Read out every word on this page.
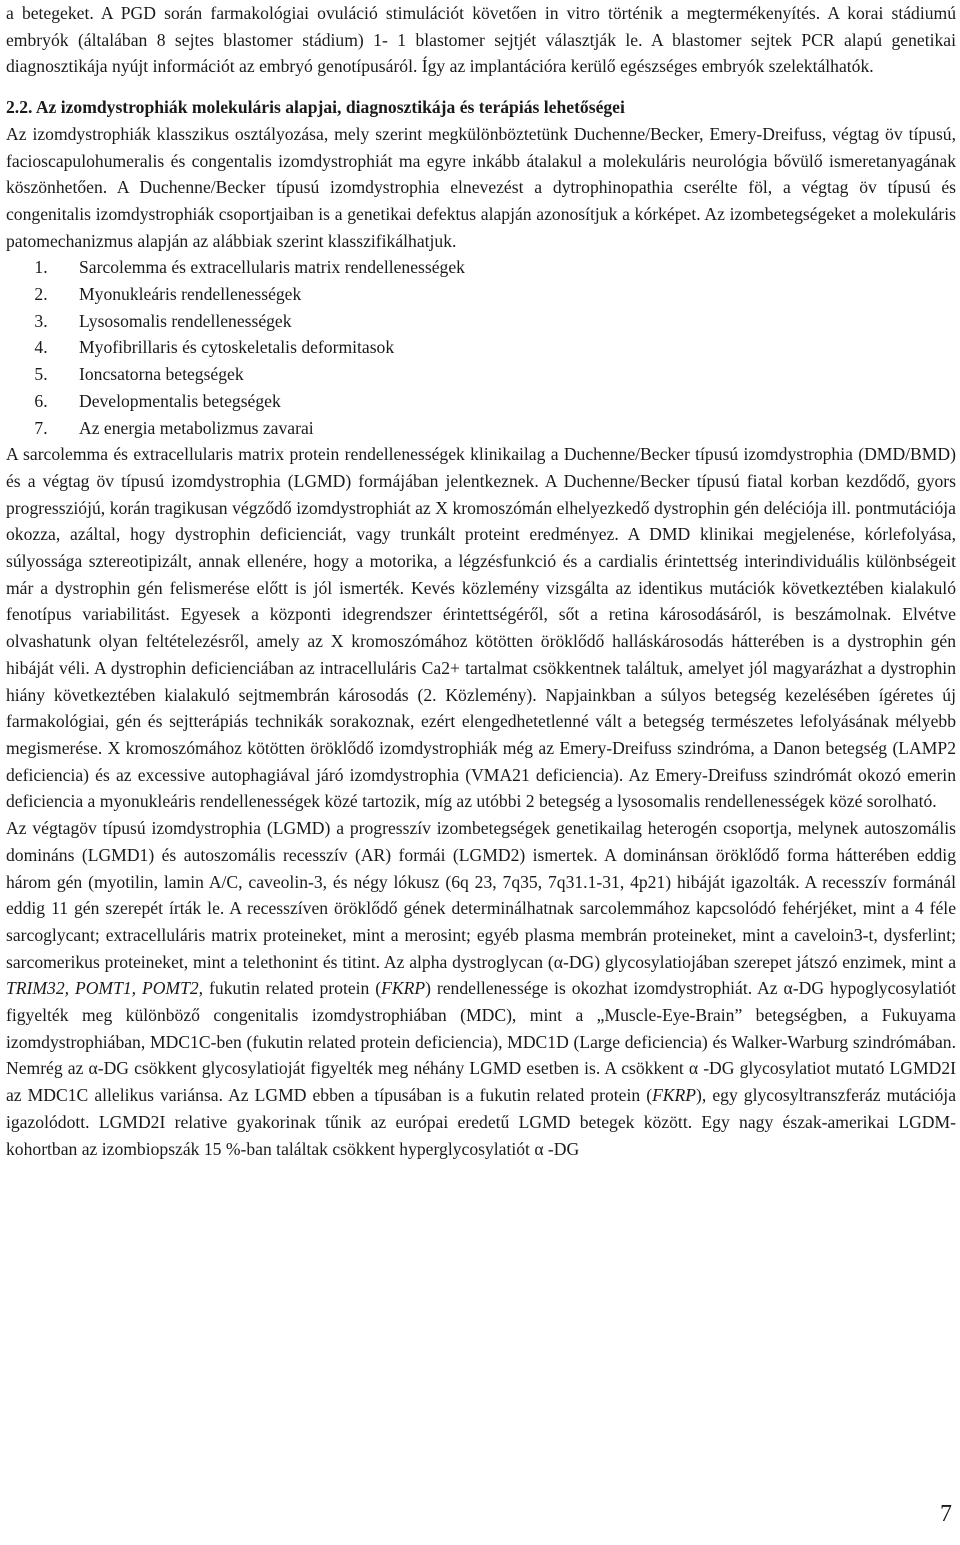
a betegeket. A PGD során farmakológiai ovuláció stimulációt követően in vitro történik a megtermékenyítés. A korai stádiumú embryók (általában 8 sejtes blastomer stádium) 1- 1 blastomer sejtjét választják le. A blastomer sejtek PCR alapú genetikai diagnosztikája nyújt információt az embryó genotípusáról. Így az implantációra kerülő egészséges embryók szelektálhatók.

2.2. Az izomdystrophiák molekuláris alapjai, diagnosztikája és terápiás lehetőségei

Az izomdystrophiák klasszikus osztályozása, mely szerint megkülönböztetünk Duchenne/Becker, Emery-Dreifuss, végtag öv típusú, facioscapulohumeralis és congentalis izomdystrophiát ma egyre inkább átalakul a molekuláris neurológia bővülő ismeretanyagának köszönhetően. A Duchenne/Becker típusú izomdystrophia elnevezést a dytrophinopathia cserélte föl, a végtag öv típusú és congenitalis izomdystrophiák csoportjaiban is a genetikai defektus alapján azonosítjuk a kórképet. Az izombetegségeket a molekuláris patomechanizmus alapján az alábbiak szerint klasszifikálhatjuk.

1. Sarcolemma és extracellularis matrix rendellenességek
2. Myonukleáris rendellenességek
3. Lysosomalis rendellenességek
4. Myofibrillaris és cytoskeletalis deformitasok
5. Ioncsatorna betegségek
6. Developmentalis betegségek
7. Az energia metabolizmus zavarai

A sarcolemma és extracellularis matrix protein rendellenességek klinikailag a Duchenne/Becker típusú izomdystrophia (DMD/BMD) és a végtag öv típusú izomdystrophia (LGMD) formájában jelentkeznek. A Duchenne/Becker típusú fiatal korban kezdődő, gyors progressziójú, korán tragikusan végződő izomdystrophiát az X kromoszómán elhelyezkedő dystrophin gén deléciója ill. pontmutációja okozza, azáltal, hogy dystrophin deficienciát, vagy trunkált proteint eredményez. A DMD klinikai megjelenése, kórlefolyása, súlyossága sztereotipizált, annak ellenére, hogy a motorika, a légzésfunkció és a cardialis érintettség interindividuális különbségeit már a dystrophin gén felismerése előtt is jól ismerték. Kevés közlemény vizsgálta az identikus mutációk következtében kialakuló fenotípus variabilitást. Egyesek a központi idegrendszer érintettségéről, sőt a retina károsodásáról, is beszámolnak. Elvétve olvashatunk olyan feltételezésről, amely az X kromoszómához kötötten öröklődő halláskárosodás hátterében is a dystrophin gén hibáját véli. A dystrophin deficienciában az intracelluláris Ca2+ tartalmat csökkentnek találtuk, amelyet jól magyarázhat a dystrophin hiány következtében kialakuló sejtmembrán károsodás (2. Közlemény). Napjainkban a súlyos betegség kezelésében ígéretes új farmakológiai, gén és sejtterápiás technikák sorakoznak, ezért elengedhetetlenné vált a betegség természetes lefolyásának mélyebb megismerése. X kromoszómához kötötten öröklődő izomdystrophiák még az Emery-Dreifuss szindróma, a Danon betegség (LAMP2 deficiencia) és az excessive autophagiával járó izomdystrophia (VMA21 deficiencia). Az Emery-Dreifuss szindrómát okozó emerin deficiencia a myonukleáris rendellenességek közé tartozik, míg az utóbbi 2 betegség a lysosomalis rendellenességek közé sorolható.

Az végtagöv típusú izomdystrophia (LGMD) a progresszív izombetegségek genetikailag heterogén csoportja, melynek autoszomális domináns (LGMD1) és autoszomális recesszív (AR) formái (LGMD2) ismertek. A dominánsan öröklődő forma hátterében eddig három gén (myotilin, lamin A/C, caveolin-3, és négy lókusz (6q 23, 7q35, 7q31.1-31, 4p21) hibáját igazolták. A recesszív formánál eddig 11 gén szerepét írták le. A recesszíven öröklődő gének determinálhatnak sarcolemmához kapcsolódó fehérjéket, mint a 4 féle sarcoglycant; extracelluláris matrix proteineket, mint a merosint; egyéb plasma membrán proteineket, mint a caveloin3-t, dysferlint; sarcomerikus proteineket, mint a telethonint és titint. Az alpha dystroglycan (α-DG) glycosylatiojában szerepet játszó enzimek, mint a TRIM32, POMT1, POMT2, fukutin related protein (FKRP) rendellenessége is okozhat izomdystrophiát. Az α-DG hypoglycosylatiót figyelték meg különböző congenitalis izomdystrophiában (MDC), mint a „Muscle-Eye-Brain” betegségben, a Fukuyama izomdystrophiában, MDC1C-ben (fukutin related protein deficiencia), MDC1D (Large deficiencia) és Walker-Warburg szindrómában. Nemrég az α-DG csökkent glycosylatioját figyelték meg néhány LGMD esetben is. A csökkent α -DG glycosylatiot mutató LGMD2I az MDC1C allelikus variánsa. Az LGMD ebben a típusában is a fukutin related protein (FKRP), egy glycosyltranszferáz mutációja igazolódott. LGMD2I relative gyakorinak tűnik az európai eredetű LGMD betegek között. Egy nagy észak-amerikai LGDM-kohortban az izombiopszák 15 %-ban találtak csökkent hyperglycosylatiót α -DG

7
